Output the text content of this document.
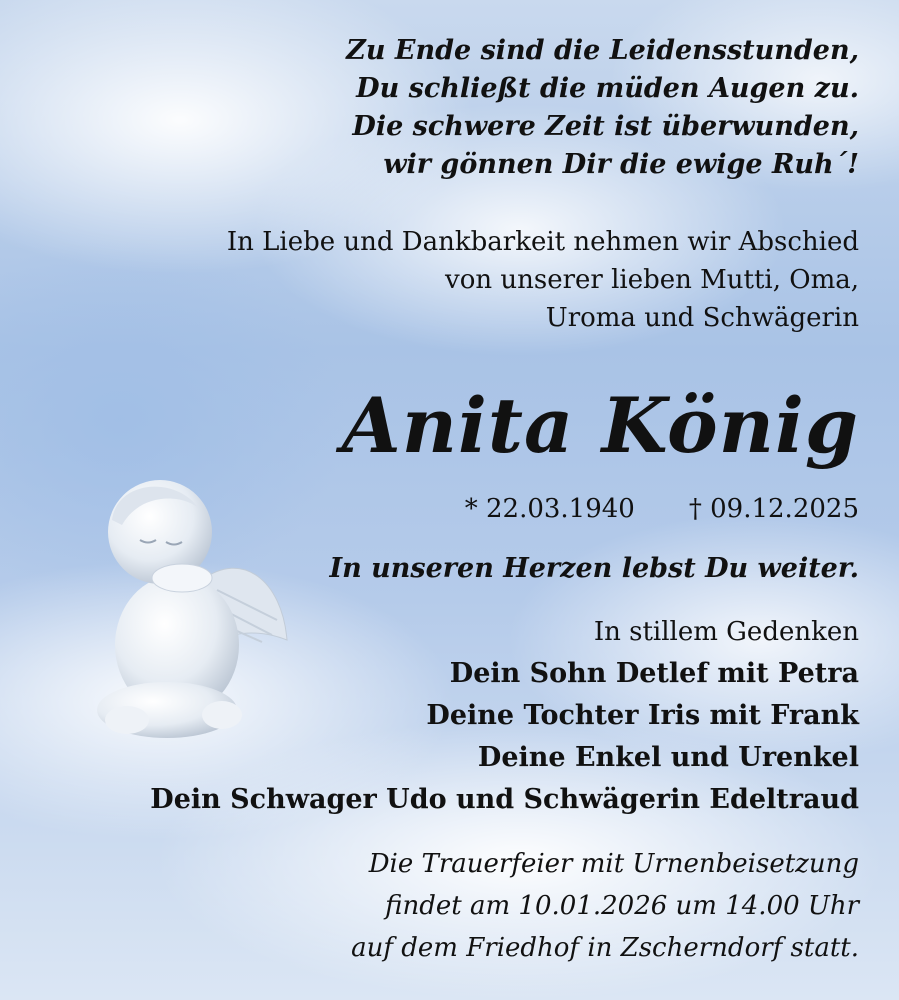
Zu Ende sind die Leidensstunden,
Du schließt die müden Augen zu.
Die schwere Zeit ist überwunden,
wir gönnen Dir die ewige Ruh´!
In Liebe und Dankbarkeit nehmen wir Abschied
von unserer lieben Mutti, Oma,
Uroma und Schwägerin
Anita König
* 22.03.1940 † 09.12.2025
In unseren Herzen lebst Du weiter.
In stillem Gedenken
Dein Sohn Detlef mit Petra
Deine Tochter Iris mit Frank
Deine Enkel und Urenkel
Dein Schwager Udo und Schwägerin Edeltraud
Die Trauerfeier mit Urnenbeisetzung
findet am 10.01.2026 um 14.00 Uhr
auf dem Friedhof in Zscherndorf statt.
